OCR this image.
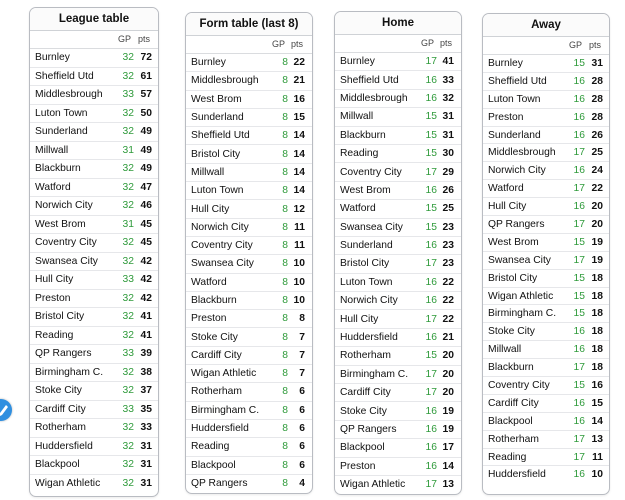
League table
GP pts
Burnley	32 72
Sheffield Utd	32 61
Middlesbrough	33 57
Luton Town	32 50
Sunderland	32 49
Millwall	31 49
Blackburn	32 49
Watford	32 47
Norwich City	32 46
West Brom	31 45
Coventry City	32 45
Swansea City	32 42
Hull City	33 42
Preston	32 42
Bristol City	32 41
Reading	32 41
QP Rangers	33 39
Birmingham C.	32 38
Stoke City	32 37
Cardiff City	33 35
Rotherham	32 33
Huddersfield	32 31
Blackpool	32 31
Wigan Athletic	32 31
Form table (last 8)
GP pts
Burnley	8 22
Middlesbrough	8 21
West Brom	8 16
Sunderland	8 15
Sheffield Utd	8 14
Bristol City	8 14
Millwall	8 14
Luton Town	8 14
Hull City	8 12
Norwich City	8 11
Coventry City	8 11
Swansea City	8 10
Watford	8 10
Blackburn	8 10
Preston	8	8
Stoke City	8	7
Cardiff City	8	7
Wigan Athletic	8	7
Rotherham	8	6
Birmingham C.	8	6
Huddersfield	8	6
Reading	8	6
Blackpool	8	6
QP Rangers	8	4
Home
GP pts
Burnley	17 41
Sheffield Utd	16 33
Middlesbrough	16 32
Millwall	15 31
Blackburn	15 31
Reading	15 30
Coventry City	17 29
West Brom	16 26
Watford	15 25
Swansea City	15 23
Sunderland	16 23
Bristol City	17 23
Luton Town	16 22
Norwich City	16 22
Hull City	17 22
Huddersfield	16 21
Rotherham	15 20
Birmingham C.	17 20
Cardiff City	17 20
Stoke City	16 19
QP Rangers	16 19
Blackpool	16 17
Preston	16 14
Wigan Athletic	17 13
Away
GP pts
Burnley	15 31
Sheffield Utd	16 28
Luton Town	16 28
Preston	16 28
Sunderland	16 26
Middlesbrough	17 25
Norwich City	16 24
Watford	17 22
Hull City	16 20
QP Rangers	17 20
West Brom	15 19
Swansea City	17 19
Bristol City	15 18
Wigan Athletic	15 18
Birmingham C.	15 18
Stoke City	16 18
Millwall	16 18
Blackburn	17 18
Coventry City	15 16
Cardiff City	16 15
Blackpool	16 14
Rotherham	17 13
Reading	17 11
Huddersfield	16 10
